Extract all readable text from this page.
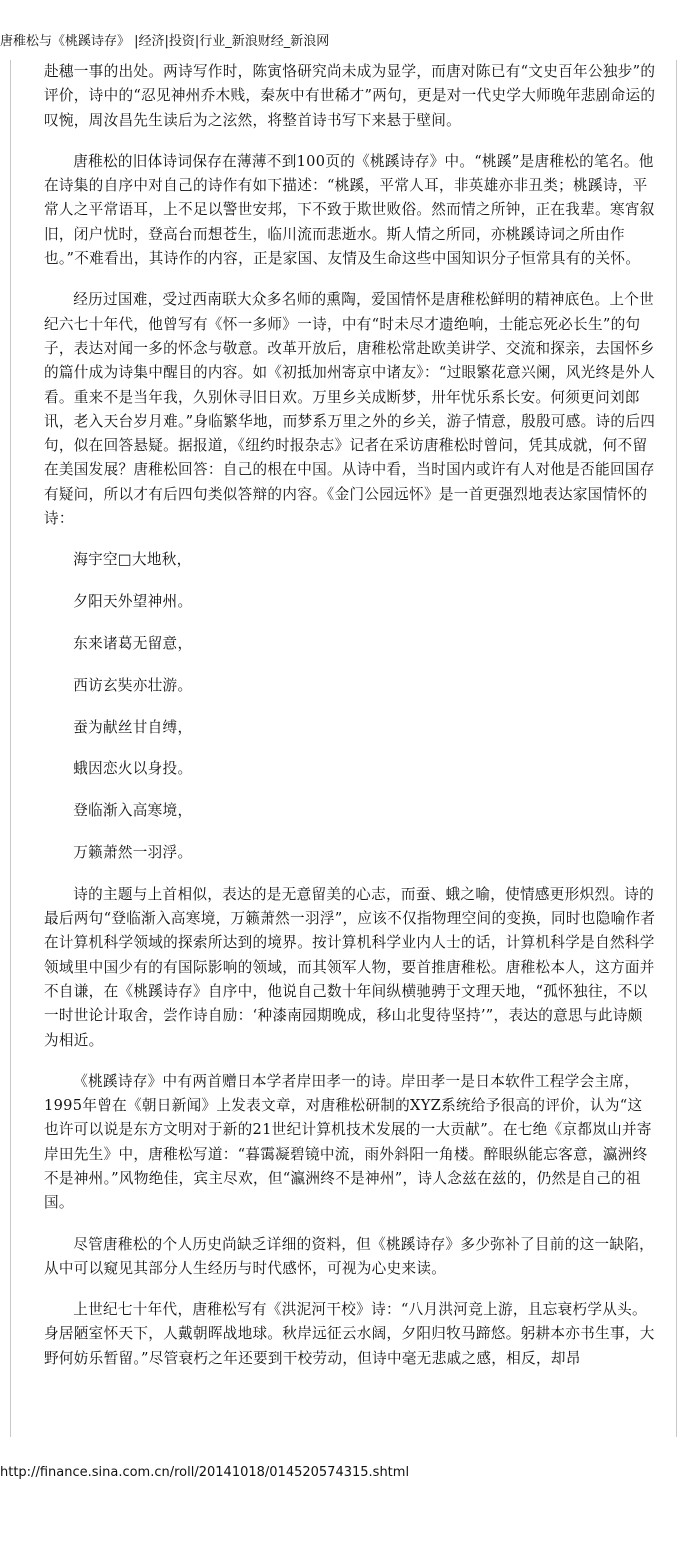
唐稚松与《桃蹊诗存》 |经济|投资|行业_新浪财经_新浪网

赴穗一事的出处。两诗写作时，陈寅恪研究尚未成为显学，而唐对陈已有“文史百年公独步”的评价，诗中的“忍见神州乔木贱，秦灰中有世稀才”两句，更是对一代史学大师晚年悲剧命运的叹惋，周汝昌先生读后为之泫然，将整首诗书写下来悬于壁间。

唐稚松的旧体诗词保存在薄薄不到100页的《桃蹊诗存》中。“桃蹊”是唐稚松的笔名。他在诗集的自序中对自己的诗作有如下描述：“桃蹊，平常人耳，非英雄亦非丑类；桃蹊诗，平常人之平常语耳，上不足以警世安邦，下不致于欺世败俗。然而情之所钟，正在我辈。寒宵叙旧，闭户忧时，登高台而想苍生，临川流而悲逝水。斯人情之所同，亦桃蹊诗词之所由作也。”不难看出，其诗作的内容，正是家国、友情及生命这些中国知识分子恒常具有的关怀。

经历过国难，受过西南联大众多名师的熏陶，爱国情怀是唐稚松鲜明的精神底色。上个世纪六七十年代，他曾写有《怀一多师》一诗，中有“时未尽才遗绝响，士能忘死必长生”的句子，表达对闻一多的怀念与敬意。改革开放后，唐稚松常赴欧美讲学、交流和探亲，去国怀乡的篇什成为诗集中醒目的内容。如《初抵加州寄京中诸友》：“过眼繁花意兴阑，风光终是外人看。重来不是当年我，久别休寻旧日欢。万里乡关成断梦，卅年忧乐系长安。何须更问刘郎讯，老入天台岁月难。”身临繁华地，而梦系万里之外的乡关，游子情意，殷殷可感。诗的后四句，似在回答悬疑。据报道，《纽约时报杂志》记者在采访唐稚松时曾问，凭其成就，何不留在美国发展？唐稚松回答：自己的根在中国。从诗中看，当时国内或许有人对他是否能回国存有疑问，所以才有后四句类似答辩的内容。《金门公园远怀》是一首更强烈地表达家国情怀的诗：

海宇空□大地秋，

夕阳天外望神州。

东来诸葛无留意，

西访玄奘亦壮游。

蚕为献丝甘自缚，

蛾因恋火以身投。

登临渐入高寒境，

万籁萧然一羽浮。

诗的主题与上首相似，表达的是无意留美的心志，而蚕、蛾之喻，使情感更形炽烈。诗的最后两句“登临渐入高寒境，万籁萧然一羽浮”，应该不仅指物理空间的变换，同时也隐喻作者在计算机科学领域的探索所达到的境界。按计算机科学业内人士的话，计算机科学是自然科学领域里中国少有的有国际影响的领域，而其领军人物，要首推唐稚松。唐稚松本人，这方面并不自谦，在《桃蹊诗存》自序中，他说自己数十年间纵横驰骋于文理天地，“孤怀独往，不以一时世论计取舍，尝作诗自励：‘种漆南园期晚成，移山北叟待坚持’”，表达的意思与此诗颇为相近。

《桃蹊诗存》中有两首赠日本学者岸田孝一的诗。岸田孝一是日本软件工程学会主席，1995年曾在《朝日新闻》上发表文章，对唐稚松研制的XYZ系统给予很高的评价，认为“这也许可以说是东方文明对于新的21世纪计算机技术发展的一大贡献”。在七绝《京都岚山并寄岸田先生》中，唐稚松写道：“暮霭凝碧镜中流，雨外斜阳一角楼。醉眼纵能忘客意，瀛洲终不是神州。”风物绝佳，宾主尽欢，但“瀛洲终不是神州”，诗人念兹在兹的，仍然是自己的祖国。

尽管唐稚松的个人历史尚缺乏详细的资料，但《桃蹊诗存》多少弥补了目前的这一缺陷，从中可以窥见其部分人生经历与时代感怀，可视为心史来读。

上世纪七十年代，唐稚松写有《洪泥河干校》诗：“八月洪河竞上游，且忘衰朽学从头。身居陋室怀天下，人戴朝晖战地球。秋岸远征云水阔，夕阳归牧马蹄悠。躬耕本亦书生事，大野何妨乐暂留。”尽管衰朽之年还要到干校劳动，但诗中毫无悲戚之感，相反，却昂

http://finance.sina.com.cn/roll/20141018/014520574315.shtml
